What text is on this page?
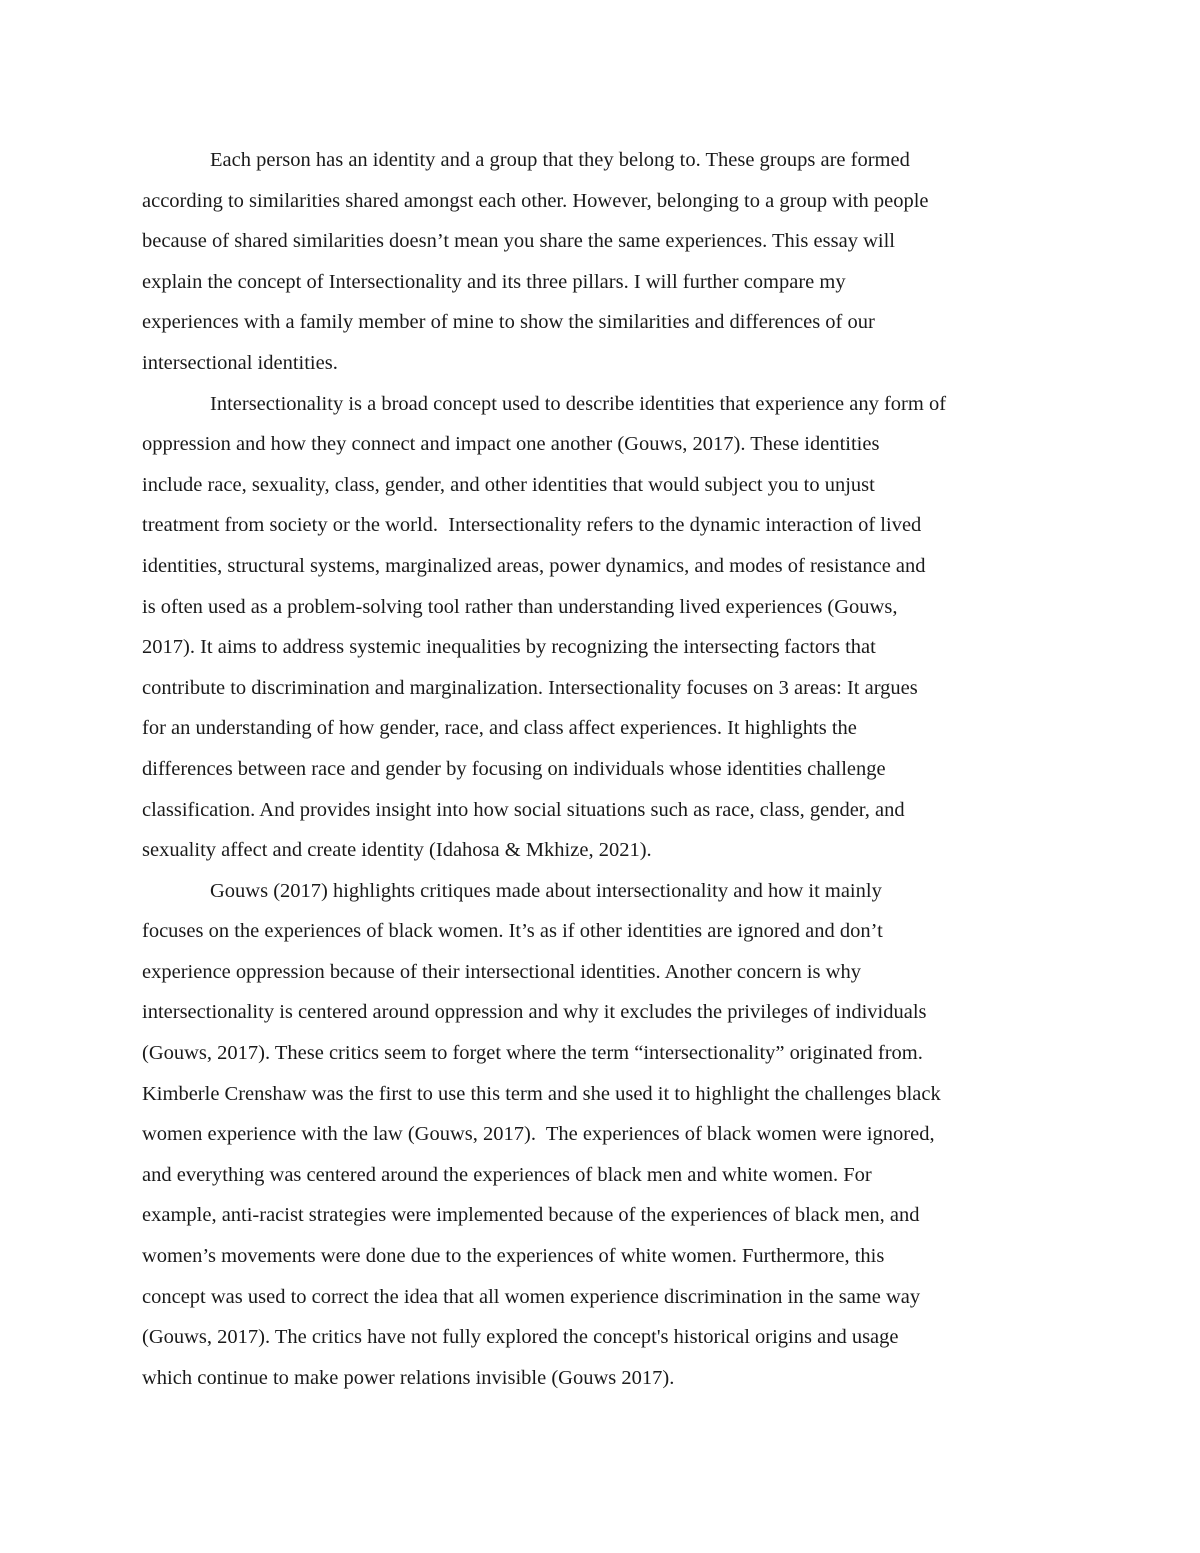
Each person has an identity and a group that they belong to. These groups are formed
according to similarities shared amongst each other. However, belonging to a group with people
because of shared similarities doesn’t mean you share the same experiences. This essay will
explain the concept of Intersectionality and its three pillars. I will further compare my
experiences with a family member of mine to show the similarities and differences of our
intersectional identities.
Intersectionality is a broad concept used to describe identities that experience any form of
oppression and how they connect and impact one another (Gouws, 2017). These identities
include race, sexuality, class, gender, and other identities that would subject you to unjust
treatment from society or the world.  Intersectionality refers to the dynamic interaction of lived
identities, structural systems, marginalized areas, power dynamics, and modes of resistance and
is often used as a problem-solving tool rather than understanding lived experiences (Gouws,
2017). It aims to address systemic inequalities by recognizing the intersecting factors that
contribute to discrimination and marginalization. Intersectionality focuses on 3 areas: It argues
for an understanding of how gender, race, and class affect experiences. It highlights the
differences between race and gender by focusing on individuals whose identities challenge
classification. And provides insight into how social situations such as race, class, gender, and
sexuality affect and create identity (Idahosa & Mkhize, 2021).
Gouws (2017) highlights critiques made about intersectionality and how it mainly
focuses on the experiences of black women. It’s as if other identities are ignored and don’t
experience oppression because of their intersectional identities. Another concern is why
intersectionality is centered around oppression and why it excludes the privileges of individuals
(Gouws, 2017). These critics seem to forget where the term “intersectionality” originated from.
Kimberle Crenshaw was the first to use this term and she used it to highlight the challenges black
women experience with the law (Gouws, 2017).  The experiences of black women were ignored,
and everything was centered around the experiences of black men and white women. For
example, anti-racist strategies were implemented because of the experiences of black men, and
women’s movements were done due to the experiences of white women. Furthermore, this
concept was used to correct the idea that all women experience discrimination in the same way
(Gouws, 2017). The critics have not fully explored the concept's historical origins and usage
which continue to make power relations invisible (Gouws 2017).
